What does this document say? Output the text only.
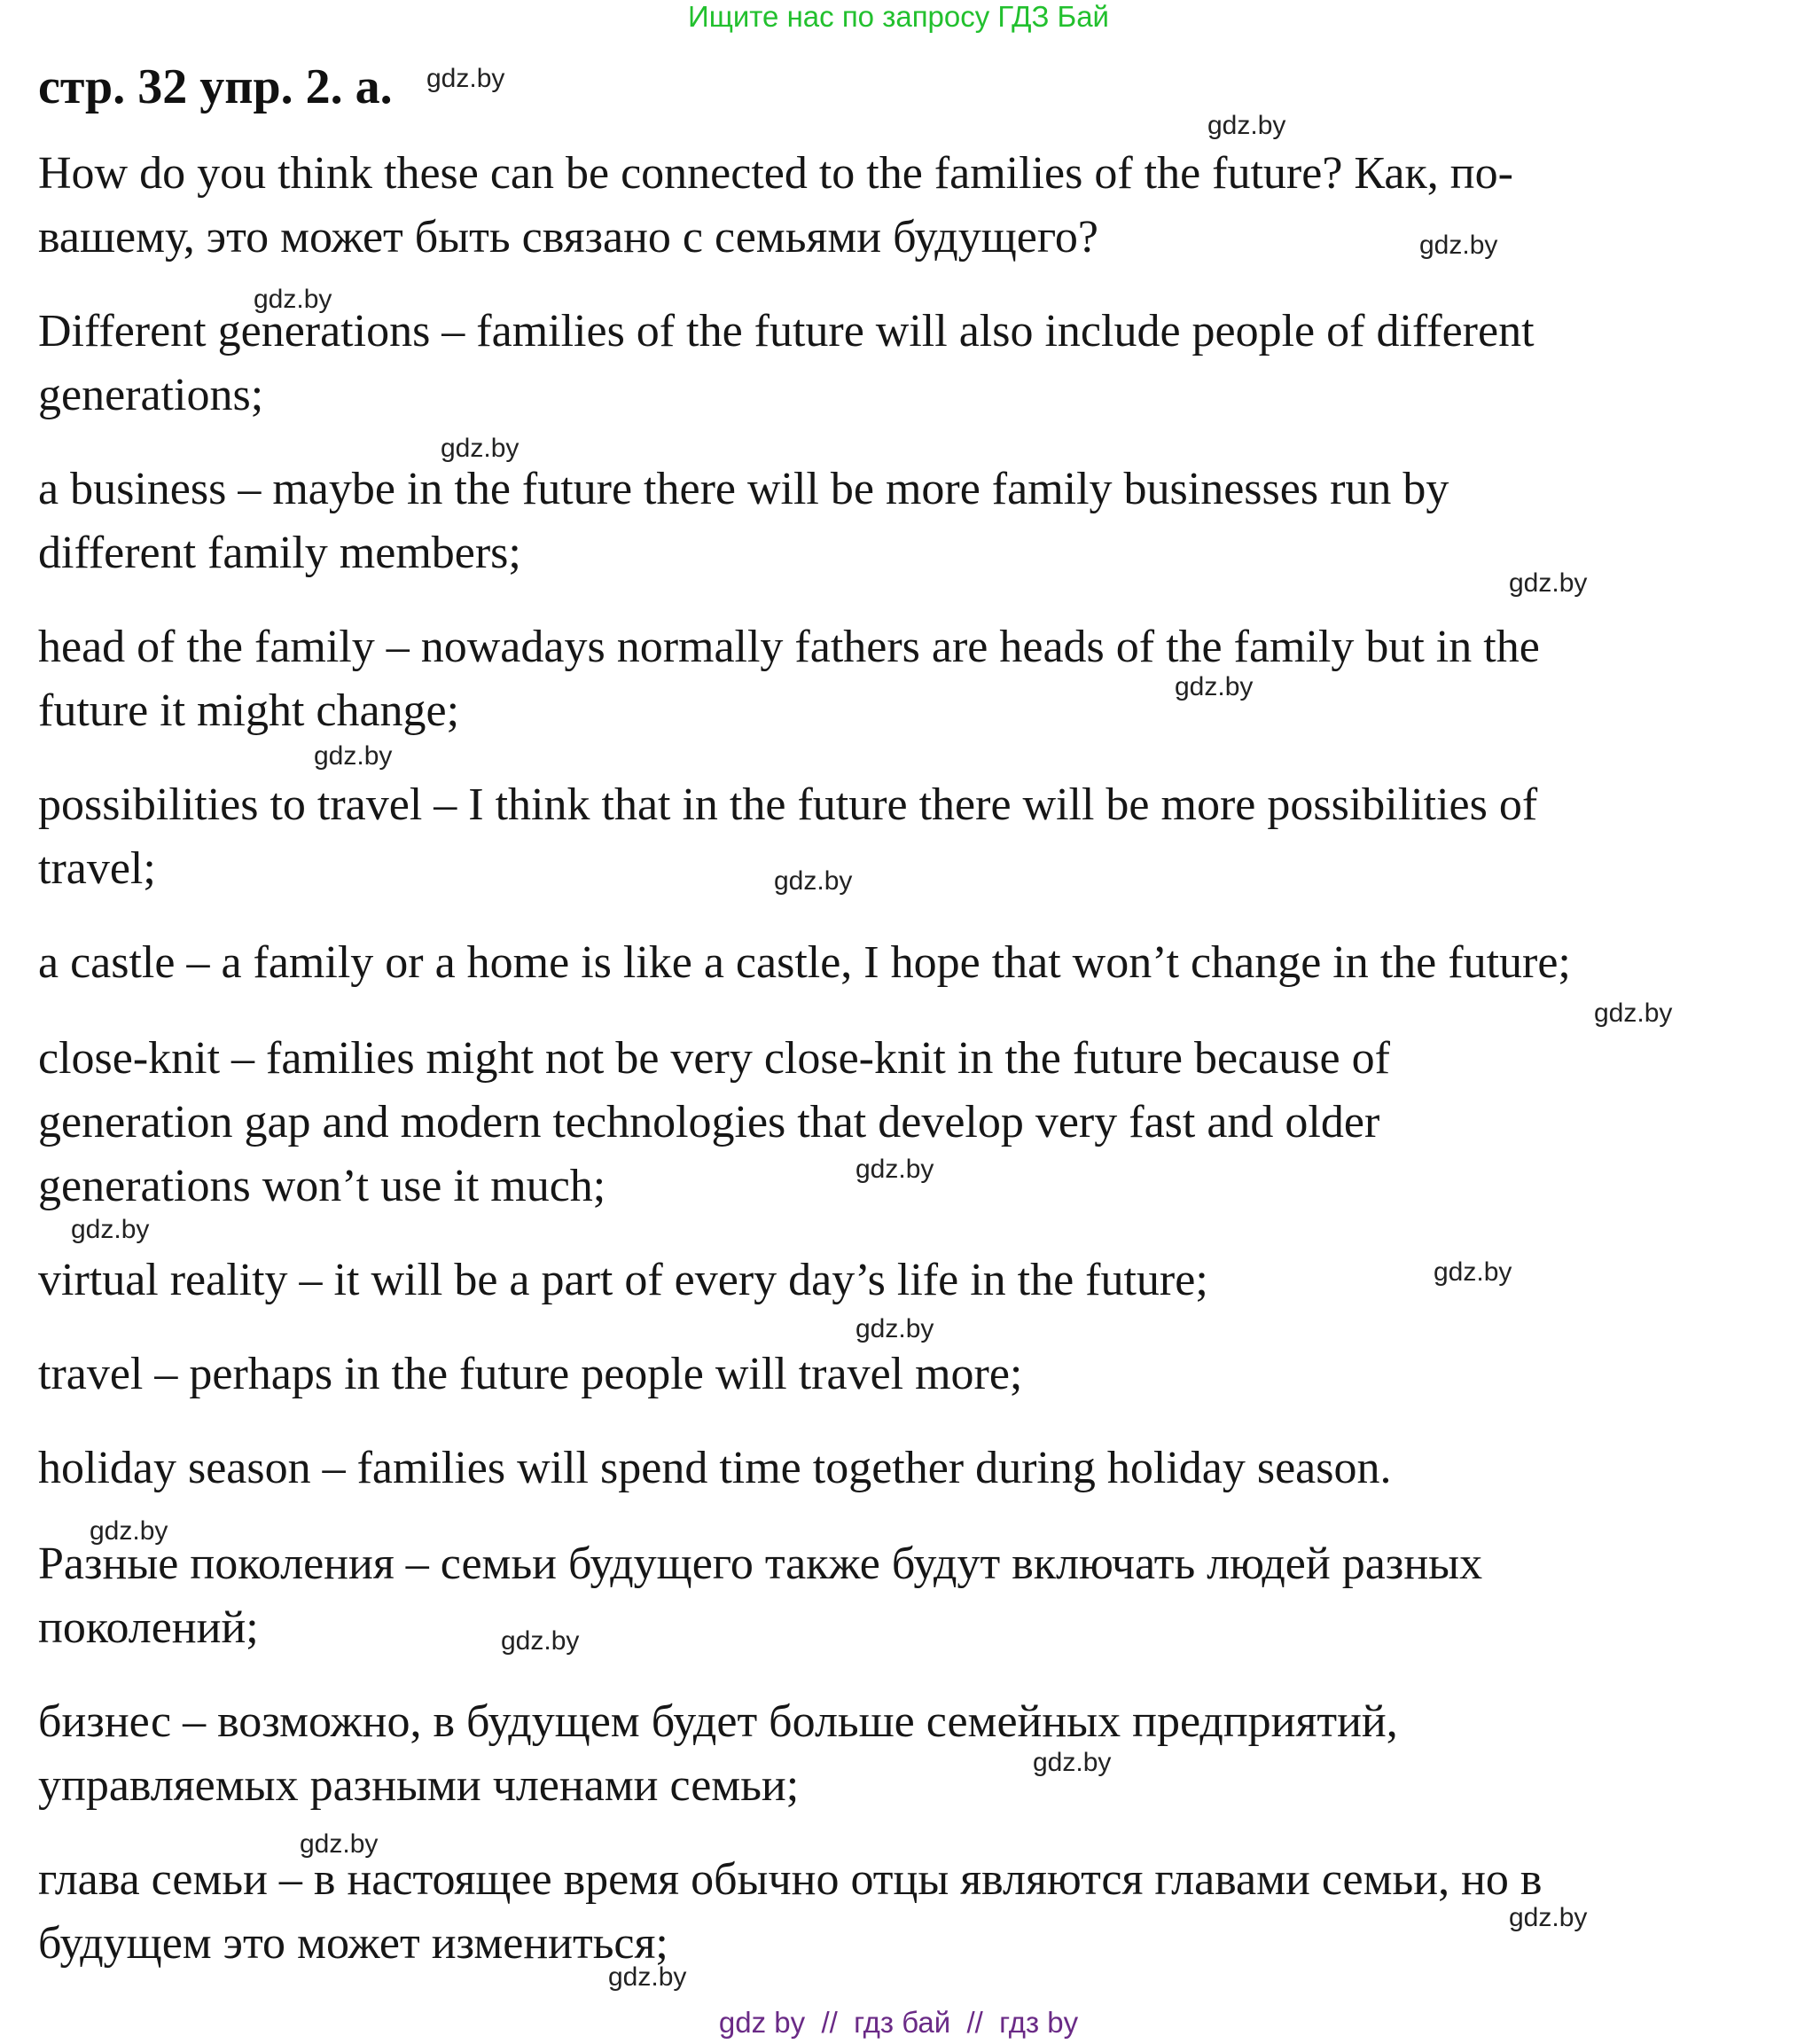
Ищите нас по запросу ГДЗ Бай
стр. 32 упр. 2. а.
How do you think these can be connected to the families of the future? Как, по-
вашему, это может быть связано с семьями будущего?
Different generations – families of the future will also include people of different
generations;
a business – maybe in the future there will be more family businesses run by
different family members;
head of the family – nowadays normally fathers are heads of the family but in the
future it might change;
possibilities to travel – I think that in the future there will be more possibilities of
travel;
a castle – a family or a home is like a castle, I hope that won’t change in the future;
close-knit – families might not be very close-knit in the future because of
generation gap and modern technologies that develop very fast and older
generations won’t use it much;
virtual reality – it will be a part of every day’s life in the future;
travel – perhaps in the future people will travel more;
holiday season – families will spend time together during holiday season.
Разные поколения – семьи будущего также будут включать людей разных
поколений;
бизнес – возможно, в будущем будет больше семейных предприятий,
управляемых разными членами семьи;
глава семьи – в настоящее время обычно отцы являются главами семьи, но в
будущем это может измениться;
gdz.by
gdz.by
gdz.by
gdz.by
gdz.by
gdz.by
gdz.by
gdz.by
gdz.by
gdz.by
gdz.by
gdz.by
gdz.by
gdz.by
gdz.by
gdz.by
gdz.by
gdz.by
gdz.by
gdz.by
gdz by  //  гдз бай  //  гдз by
